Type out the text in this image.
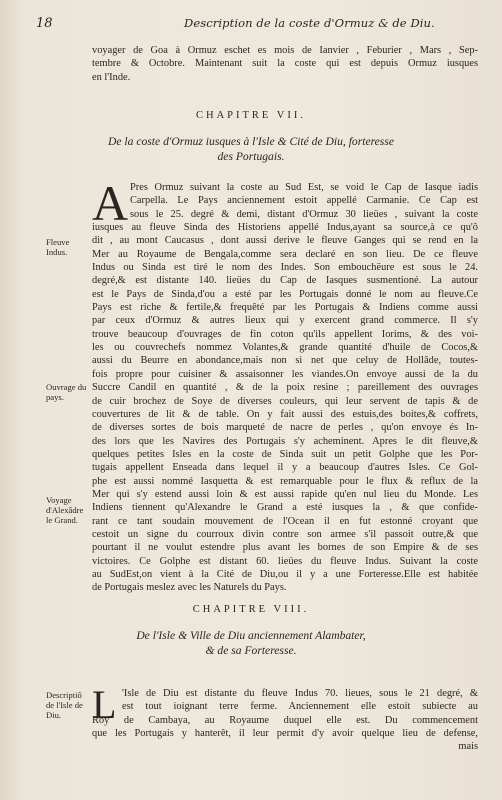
18	Description de la coste d'Ormuz & de Diu.
voyager de Goa à Ormuz eschet es mois de Ianvier , Feburier , Mars , Sep-
tembre & Octobre. Maintenant suit la coste qui est depuis Ormuz iusques
en l'Inde.
CHAPITRE VII.
De la coste d'Ormuz iusques à l'Isle & Cité de Diu, forteresse
des Portugais.
A Pres Ormuz suivant la coste au Sud Est, se void le Cap de Iasque iadis
Carpella. Le Pays anciennement estoit appellé Carmanie. Ce Cap est
sous le 25. degré & demi, distant d'Ormuz 30 lieües , suivant la coste
iusques au fleuve Sinda des Historiens appellé Indus,ayant sa source,à ce qu'ô
dit , au mont Caucasus , dont aussi derive le fleuve Ganges qui se rend en la
Mer au Royaume de Bengala,comme sera declaré en son lieu. De ce fleuve
Indus ou Sinda est tiré le nom des Indes. Son embouchëure est sous le 24.
degré,& est distante 140. lieües du Cap de Iasques susmentioné. La autour
est le Pays de Sinda,d'ou a esté par les Portugais donné le nom au fleuve.Ce
Pays est riche & fertile,& frequêté par les Portugais & Indiens comme aussi
par ceux d'Ormuz & autres lieux qui y exercent grand commerce. Il s'y
trouve beaucoup d'ouvrages de fin coton qu'ils appellent Iorims, & des voi-
les ou couvrechefs nommez Volantes,& grande quantité d'huile de Cocos,&
aussi du Beurre en abondance,mais non si net que celuy de Hollâde, toutes-
fois propre pour cuisiner & assaisonner les viandes.On envoye aussi de la du
Succre Candil en quantité , & de la poix resine ; pareillement des ouvrages
de cuir brochez de Soye de diverses couleurs, qui leur servent de tapis & de
couvertures de lit & de table. On y fait aussi des estuis,des boites,& coffrets,
de diverses sortes de bois marqueté de nacre de perles , qu'on envoye és In-
des lors que les Navires des Portugais s'y acheminent. Apres le dit fleuve,&
quelques petites Isles en la coste de Sinda suit un petit Golphe que les Por-
tugais appellent Enseada dans lequel il y a beaucoup d'autres Isles. Ce Gol-
phe est aussi nommé Iasquetta & est remarquable pour le flux & reflux de la
Mer qui s'y estend aussi loin & est aussi rapide qu'en nul lieu du Monde. Les
Indiens tiennent qu'Alexandre le Grand a esté iusques la , & que confide-
rant ce tant soudain mouvement de l'Ocean il en fut estonné croyant que
cestoit un signe du courroux divin contre son armee s'il passoit outre,& que
pourtant il ne voulut estendre plus avant les bornes de son Empire & de ses
victoires. Ce Golphe est distant 60. lieües du fleuve Indus. Suivant la coste
au SudEst,on vient à la Cité de Diu,ou il y a une Forteresse.Elle est habitée
de Portugais meslez avec les Naturels du Pays.
Fleuve Indus.
Ouvrage du pays.
Voyage d'Alexâdre le Grand.
CHAPITRE VIII.
De l'Isle & Ville de Diu anciennement Alambater,
& de sa Forteresse.
L 'Isle de Diu est distante du fleuve Indus 70. lieues, sous le 21 degré, &
est tout ioignant terre ferme. Anciennement elle estoit subiecte au
Roy de Cambaya, au Royaume duquel elle est. Du commencement
que les Portugais y hanterêt, il leur permit d'y avoir quelque lieu de defense,
mais
Descriptiô de l'Isle de Diu.
